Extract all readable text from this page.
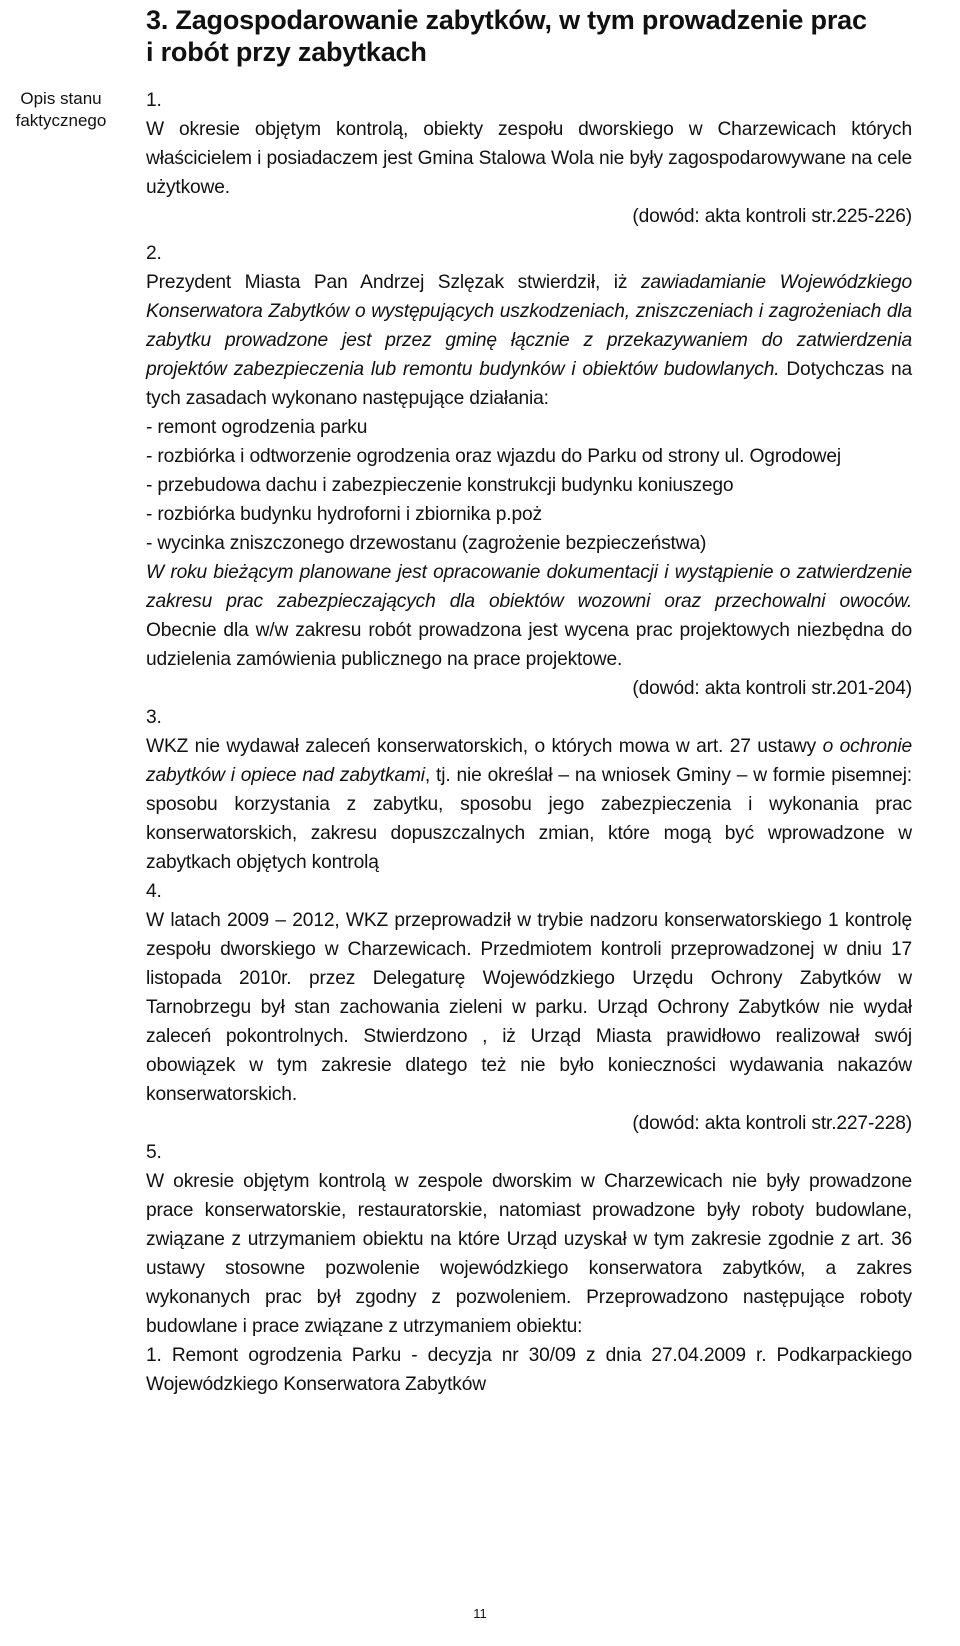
Opis stanu
faktycznego
3. Zagospodarowanie zabytków, w tym prowadzenie prac
i robót przy zabytkach

1.

W okresie objętym kontrolą, obiekty zespołu dworskiego w Charzewicach których właścicielem i posiadaczem jest Gmina Stalowa Wola nie były zagospodarowywane na cele użytkowe.

(dowód: akta kontroli str.225-226)

2.

Prezydent Miasta Pan Andrzej Szlęzak stwierdził, iż zawiadamianie Wojewódzkiego Konserwatora Zabytków o występujących uszkodzeniach, zniszczeniach i zagrożeniach dla zabytku prowadzone jest przez gminę łącznie z przekazywaniem do zatwierdzenia projektów zabezpieczenia lub remontu budynków i obiektów budowlanych. Dotychczas na tych zasadach wykonano następujące działania:

- remont ogrodzenia parku

- rozbiórka i odtworzenie ogrodzenia oraz wjazdu do Parku od strony ul. Ogrodowej

- przebudowa dachu i zabezpieczenie konstrukcji budynku koniuszego

- rozbiórka budynku hydroforni i zbiornika p.poż

- wycinka zniszczonego drzewostanu (zagrożenie bezpieczeństwa)

W roku bieżącym planowane jest opracowanie dokumentacji i wystąpienie o zatwierdzenie zakresu prac zabezpieczających dla obiektów wozowni oraz przechowalni owoców. Obecnie dla w/w zakresu robót prowadzona jest wycena prac projektowych niezbędna do udzielenia zamówienia publicznego na prace projektowe.

(dowód: akta kontroli str.201-204)

3.

WKZ nie wydawał zaleceń konserwatorskich, o których mowa w art. 27 ustawy o ochronie zabytków i opiece nad zabytkami, tj. nie określał – na wniosek Gminy – w formie pisemnej: sposobu korzystania z zabytku, sposobu jego zabezpieczenia i wykonania prac konserwatorskich, zakresu dopuszczalnych zmian, które mogą być wprowadzone w zabytkach objętych kontrolą

4.

W latach 2009 – 2012, WKZ przeprowadził w trybie nadzoru konserwatorskiego 1 kontrolę zespołu dworskiego w Charzewicach. Przedmiotem kontroli przeprowadzonej w dniu 17 listopada 2010r. przez Delegaturę Wojewódzkiego Urzędu Ochrony Zabytków w Tarnobrzegu był stan zachowania zieleni w parku. Urząd Ochrony Zabytków nie wydał zaleceń pokontrolnych. Stwierdzono , iż Urząd Miasta prawidłowo realizował swój obowiązek w tym zakresie dlatego też nie było konieczności wydawania nakazów konserwatorskich.

(dowód: akta kontroli str.227-228)

5.

W okresie objętym kontrolą w zespole dworskim w Charzewicach nie były prowadzone prace konserwatorskie, restauratorskie, natomiast prowadzone były roboty budowlane, związane z utrzymaniem obiektu na które Urząd uzyskał w tym zakresie zgodnie z art. 36 ustawy stosowne pozwolenie wojewódzkiego konserwatora zabytków, a zakres wykonanych prac był zgodny z pozwoleniem. Przeprowadzono następujące roboty budowlane i prace związane z utrzymaniem obiektu:

1. Remont ogrodzenia Parku - decyzja nr 30/09 z dnia 27.04.2009 r. Podkarpackiego Wojewódzkiego Konserwatora Zabytków

11
